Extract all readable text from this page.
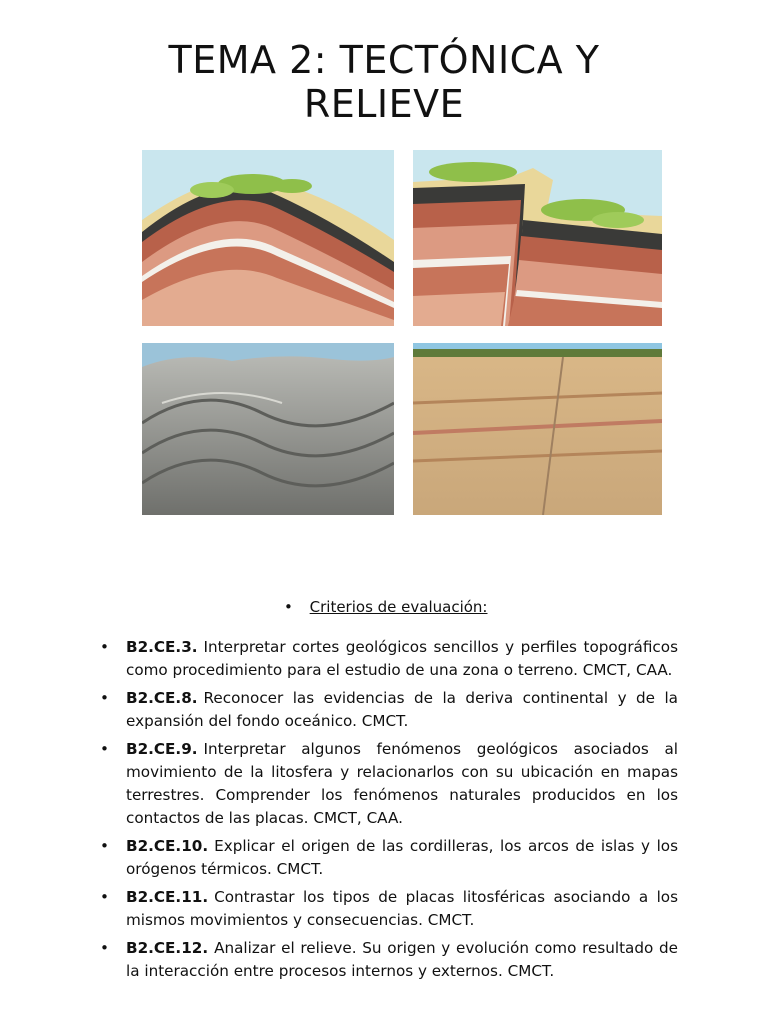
TEMA 2: TECTÓNICA Y
RELIEVE
• Criterios de evaluación:
• B2.CE.3. Interpretar cortes geológicos sencillos y perfiles topográficos como procedimiento para el estudio de una zona o terreno. CMCT, CAA.
• B2.CE.8. Reconocer las evidencias de la deriva continental y de la expansión del fondo oceánico. CMCT.
• B2.CE.9. Interpretar algunos fenómenos geológicos asociados al movimiento de la litosfera y relacionarlos con su ubicación en mapas terrestres. Comprender los fenómenos naturales producidos en los contactos de las placas. CMCT, CAA.
• B2.CE.10. Explicar el origen de las cordilleras, los arcos de islas y los orógenos térmicos. CMCT.
• B2.CE.11. Contrastar los tipos de placas litosféricas asociando a los mismos movimientos y consecuencias. CMCT.
• B2.CE.12. Analizar el relieve. Su origen y evolución como resultado de la interacción entre procesos internos y externos. CMCT.
